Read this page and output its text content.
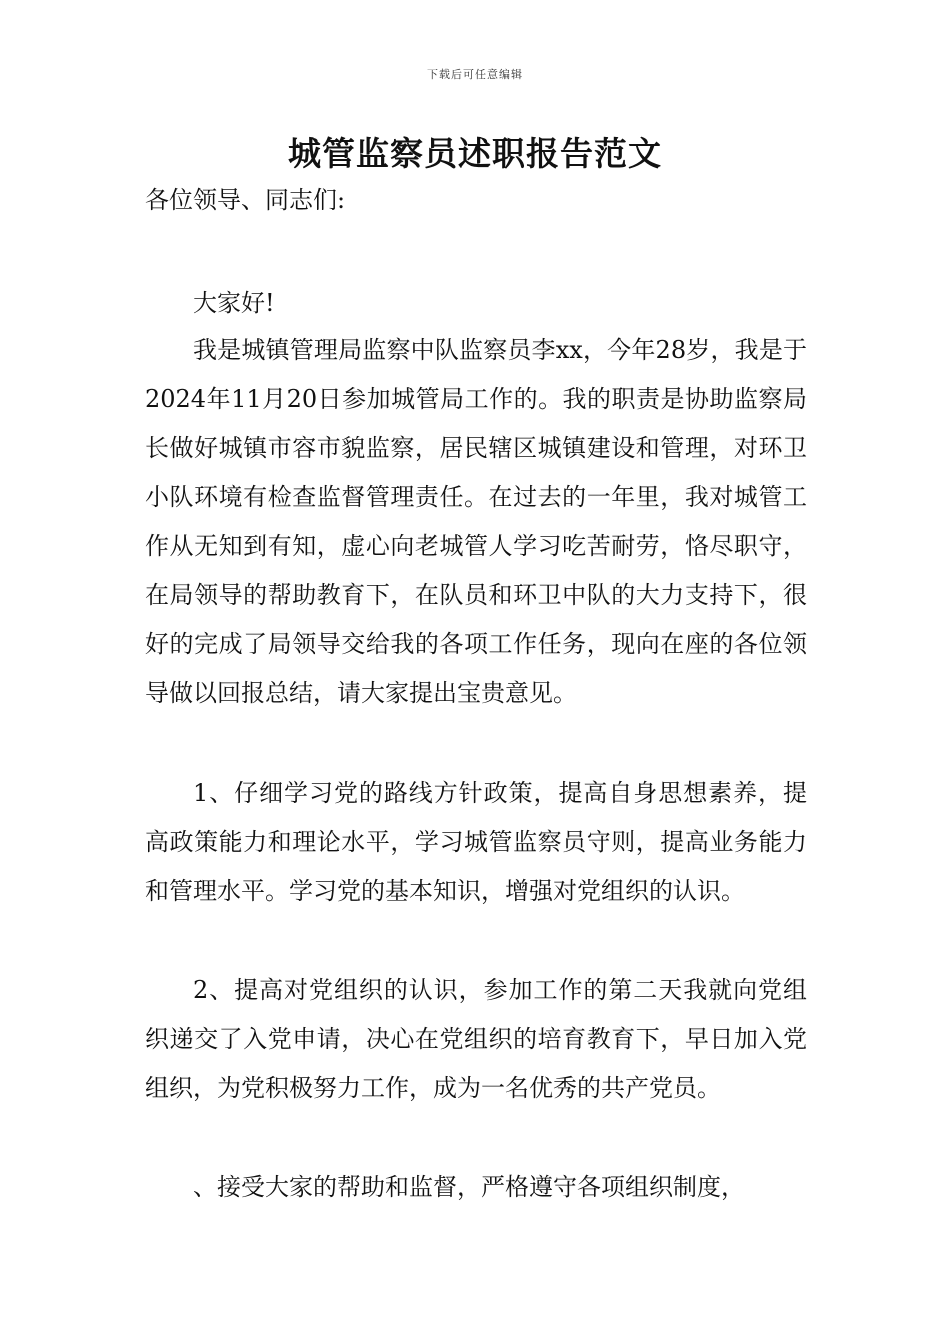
下载后可任意编辑
城管监察员述职报告范文

各位领导、同志们:

大家好!

我是城镇管理局监察中队监察员李xx，今年28岁，我是于2024年11月20日参加城管局工作的。我的职责是协助监察局长做好城镇市容市貌监察，居民辖区城镇建设和管理，对环卫小队环境有检查监督管理责任。在过去的一年里，我对城管工作从无知到有知，虚心向老城管人学习吃苦耐劳，恪尽职守，在局领导的帮助教育下，在队员和环卫中队的大力支持下，很好的完成了局领导交给我的各项工作任务，现向在座的各位领导做以回报总结，请大家提出宝贵意见。

1、仔细学习党的路线方针政策，提高自身思想素养，提高政策能力和理论水平，学习城管监察员守则，提高业务能力和管理水平。学习党的基本知识，增强对党组织的认识。

2、提高对党组织的认识，参加工作的第二天我就向党组织递交了入党申请，决心在党组织的培育教育下，早日加入党组织，为党积极努力工作，成为一名优秀的共产党员。

、接受大家的帮助和监督，严格遵守各项组织制度，
